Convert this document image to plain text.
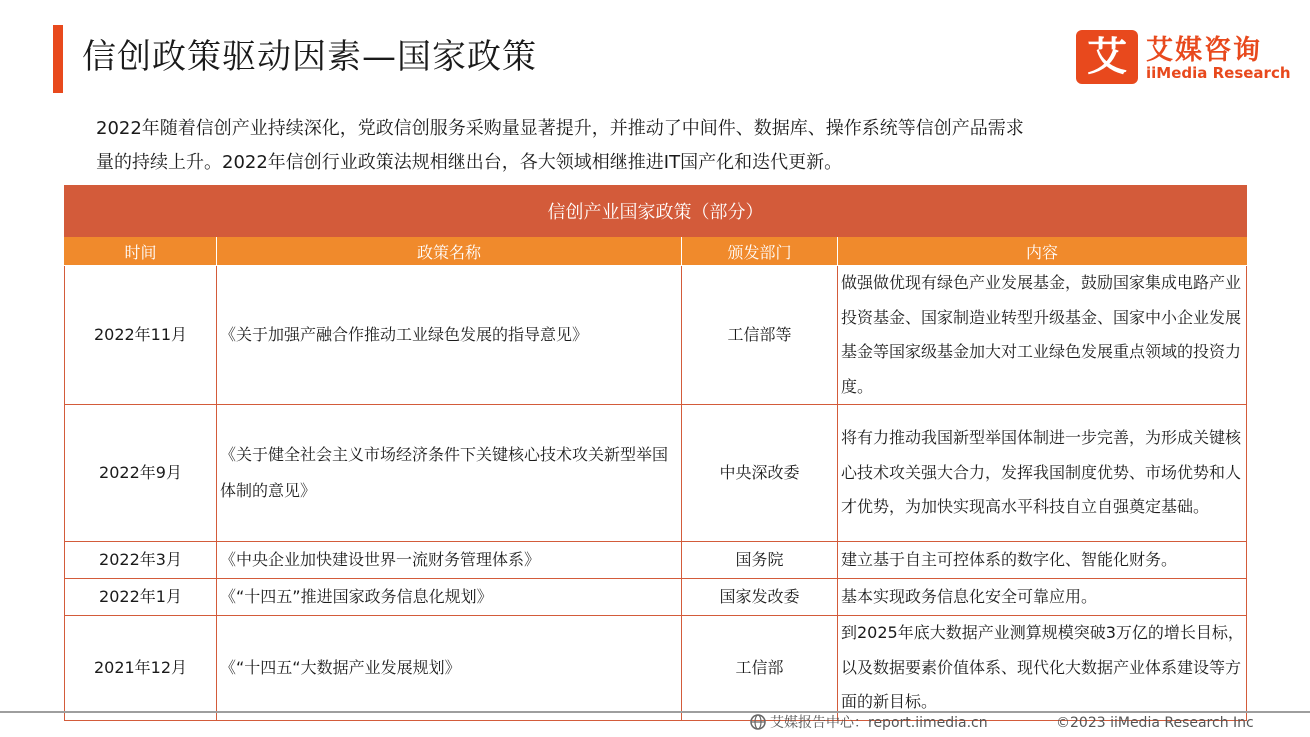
信创政策驱动因素—国家政策	艾 艾媒咨询
iiMedia Research

2022年随着信创产业持续深化，党政信创服务采购量显著提升，并推动了中间件、数据库、操作系统等信创产品需求

量的持续上升。2022年信创行业政策法规相继出台，各大领域相继推进IT国产化和迭代更新。

信创产业国家政策（部分）			
时间	政策名称	颁发部门	内容
2022年11月	《关于加强产融合作推动工业绿色发展的指导意见》	工信部等	做强做优现有绿色产业发展基金，鼓励国家集成电路产业投资基金、国家制造业转型升级基金、国家中小企业发展基金等国家级基金加大对工业绿色发展重点领域的投资力度。
2022年9月	《关于健全社会主义市场经济条件下关键核心技术攻关新型举国体制的意见》	中央深改委	将有力推动我国新型举国体制进一步完善，为形成关键核心技术攻关强大合力，发挥我国制度优势、市场优势和人才优势，为加快实现高水平科技自立自强奠定基础。
2022年3月	《中央企业加快建设世界一流财务管理体系》	国务院	建立基于自主可控体系的数字化、智能化财务。
2022年1月	《“十四五”推进国家政务信息化规划》	国家发改委	基本实现政务信息化安全可靠应用。
2021年12月	《“十四五“大数据产业发展规划》	工信部	到2025年底大数据产业测算规模突破3万亿的增长目标，以及数据要素价值体系、现代化大数据产业体系建设等方面的新目标。
艾媒报告中心：report.iimedia.cn	©2023 iiMedia Research Inc
